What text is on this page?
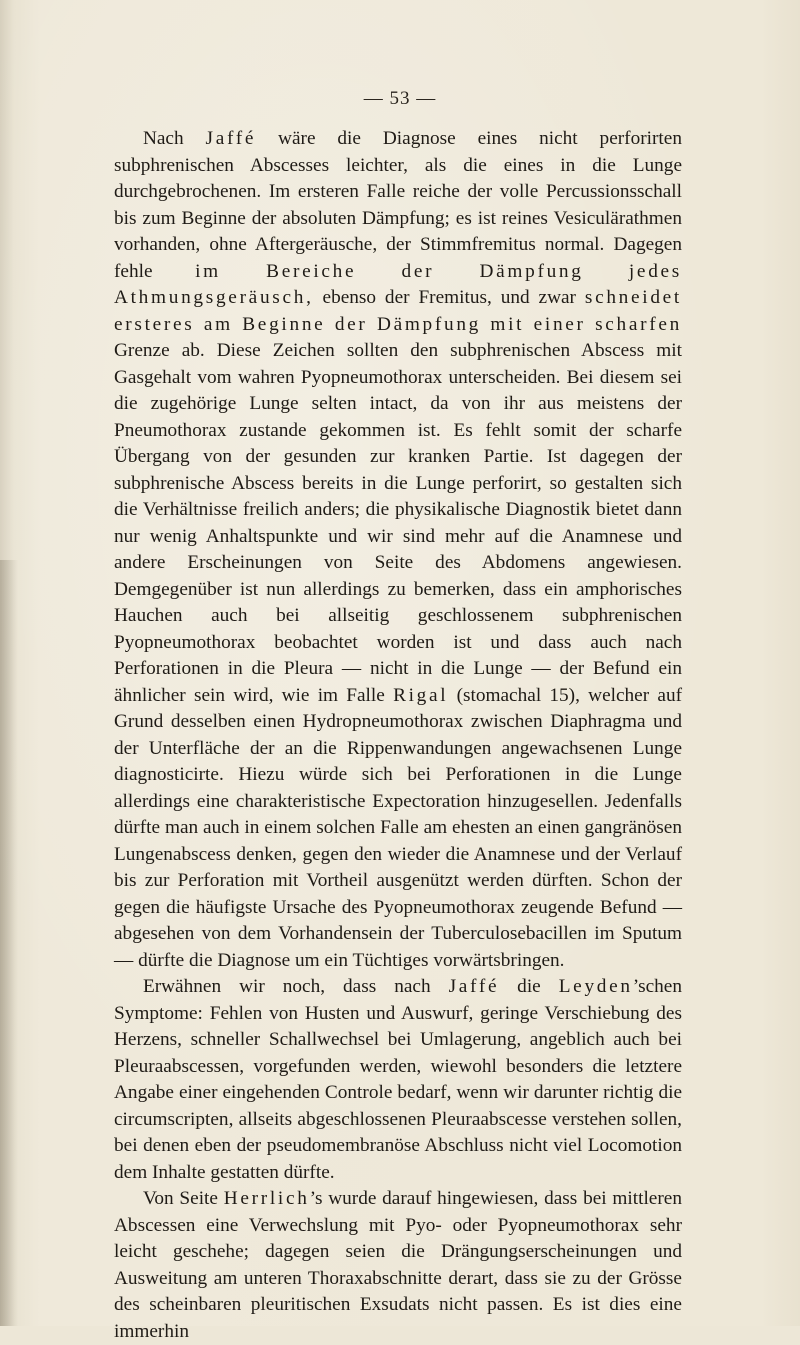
— 53 —

Nach Jaffé wäre die Diagnose eines nicht perforirten subphrenischen Abscesses leichter, als die eines in die Lunge durchgebrochenen. Im ersteren Falle reiche der volle Percussionsschall bis zum Beginne der absoluten Dämpfung; es ist reines Vesiculärathmen vorhanden, ohne Aftergeräusche, der Stimmfremitus normal. Dagegen fehle im Bereiche der Dämpfung jedes Athmungsgeräusch, ebenso der Fremitus, und zwar schneidet ersteres am Beginne der Dämpfung mit einer scharfen Grenze ab. Diese Zeichen sollten den subphrenischen Abscess mit Gasgehalt vom wahren Pyopneumothorax unterscheiden. Bei diesem sei die zugehörige Lunge selten intact, da von ihr aus meistens der Pneumothorax zustande gekommen ist. Es fehlt somit der scharfe Übergang von der gesunden zur kranken Partie. Ist dagegen der subphrenische Abscess bereits in die Lunge perforirt, so gestalten sich die Verhältnisse freilich anders; die physikalische Diagnostik bietet dann nur wenig Anhaltspunkte und wir sind mehr auf die Anamnese und andere Erscheinungen von Seite des Abdomens angewiesen. Demgegenüber ist nun allerdings zu bemerken, dass ein amphorisches Hauchen auch bei allseitig geschlossenem subphrenischen Pyopneumothorax beobachtet worden ist und dass auch nach Perforationen in die Pleura — nicht in die Lunge — der Befund ein ähnlicher sein wird, wie im Falle Rigal (stomachal 15), welcher auf Grund desselben einen Hydropneumothorax zwischen Diaphragma und der Unterfläche der an die Rippenwandungen angewachsenen Lunge diagnosticirte. Hiezu würde sich bei Perforationen in die Lunge allerdings eine charakteristische Expectoration hinzugesellen. Jedenfalls dürfte man auch in einem solchen Falle am ehesten an einen gangränösen Lungenabscess denken, gegen den wieder die Anamnese und der Verlauf bis zur Perforation mit Vortheil ausgenützt werden dürften. Schon der gegen die häufigste Ursache des Pyopneumothorax zeugende Befund — abgesehen von dem Vorhandensein der Tuberculosebacillen im Sputum — dürfte die Diagnose um ein Tüchtiges vorwärtsbringen.

Erwähnen wir noch, dass nach Jaffé die Leyden’schen Symptome: Fehlen von Husten und Auswurf, geringe Verschiebung des Herzens, schneller Schallwechsel bei Umlagerung, angeblich auch bei Pleuraabscessen, vorgefunden werden, wiewohl besonders die letztere Angabe einer eingehenden Controle bedarf, wenn wir darunter richtig die circumscripten, allseits abgeschlossenen Pleuraabscesse verstehen sollen, bei denen eben der pseudomembranöse Abschluss nicht viel Locomotion dem Inhalte gestatten dürfte.

Von Seite Herrlich’s wurde darauf hingewiesen, dass bei mittleren Abscessen eine Verwechslung mit Pyo- oder Pyopneumothorax sehr leicht geschehe; dagegen seien die Drängungserscheinungen und Ausweitung am unteren Thoraxabschnitte derart, dass sie zu der Grösse des scheinbaren pleuritischen Exsudats nicht passen. Es ist dies eine immerhin
